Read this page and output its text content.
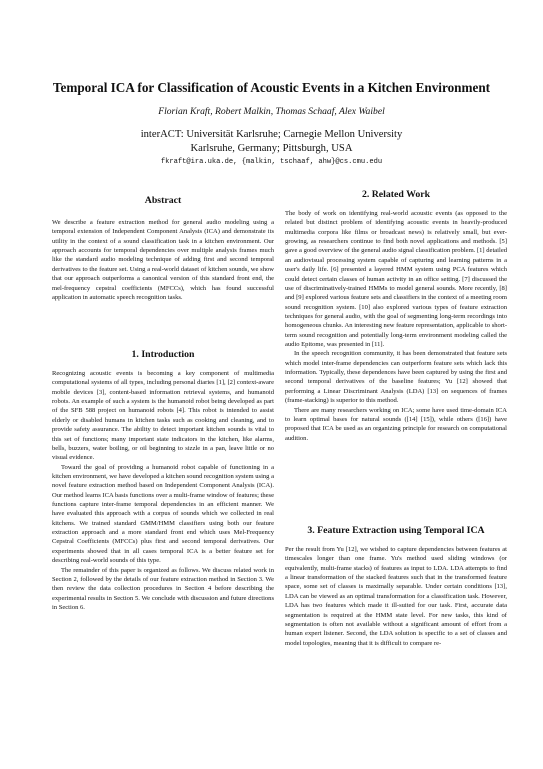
Temporal ICA for Classification of Acoustic Events in a Kitchen Environment
Florian Kraft, Robert Malkin, Thomas Schaaf, Alex Waibel
interACT: Universität Karlsruhe; Carnegie Mellon University
Karlsruhe, Germany; Pittsburgh, USA
fkraft@ira.uka.de, {malkin, tschaaf, ahw}@cs.cmu.edu
Abstract

We describe a feature extraction method for general audio modeling using a temporal extension of Independent Component Analysis (ICA) and demonstrate its utility in the context of a sound classification task in a kitchen environment. Our approach accounts for temporal dependencies over multiple analysis frames much like the standard audio modeling technique of adding first and second temporal derivatives to the feature set. Using a real-world dataset of kitchen sounds, we show that our approach outperforms a canonical version of this standard front end, the mel-frequency cepstral coefficients (MFCCs), which has found successful application in automatic speech recognition tasks.

1. Introduction

Recognizing acoustic events is becoming a key component of multimedia computational systems of all types, including personal diaries [1], [2] context-aware mobile devices [3], content-based information retrieval systems, and humanoid robots. An example of such a system is the humanoid robot being developed as part of the SFB 588 project on humanoid robots [4]. This robot is intended to assist elderly or disabled humans in kitchen tasks such as cooking and cleaning, and to provide safety assurance. The ability to detect important kitchen sounds is vital to this set of functions; many important state indicators in the kitchen, like alarms, bells, buzzers, water boiling, or oil beginning to sizzle in a pan, leave little or no visual evidence.

Toward the goal of providing a humanoid robot capable of functioning in a kitchen environment, we have developed a kitchen sound recognition system using a novel feature extraction method based on Independent Component Analysis (ICA). Our method learns ICA basis functions over a multi-frame window of features; these functions capture inter-frame temporal dependencies in an efficient manner. We have evaluated this approach with a corpus of sounds which we collected in real kitchens. We trained standard GMM/HMM classifiers using both our feature extraction approach and a more standard front end which uses Mel-Frequency Cepstral Coefficients (MFCCs) plus first and second temporal derivatives. Our experiments showed that in all cases temporal ICA is a better feature set for describing real-world sounds of this type.

The remainder of this paper is organized as follows. We discuss related work in Section 2, followed by the details of our feature extraction method in Section 3. We then review the data collection procedures in Section 4 before describing the experimental results in Section 5. We conclude with discussion and future directions in Section 6.

2. Related Work

The body of work on identifying real-world acoustic events (as opposed to the related but distinct problem of identifying acoustic events in heavily-produced multimedia corpora like films or broadcast news) is relatively small, but ever-growing, as researchers continue to find both novel applications and methods. [5] gave a good overview of the general audio signal classification problem. [1] detailed an audiovisual processing system capable of capturing and learning patterns in a user's daily life. [6] presented a layered HMM system using PCA features which could detect certain classes of human activity in an office setting. [7] discussed the use of discriminatively-trained HMMs to model general sounds. More recently, [8] and [9] explored various feature sets and classifiers in the context of a meeting room sound recognition system. [10] also explored various types of feature extraction techniques for general audio, with the goal of segmenting long-term recordings into homogeneous chunks. An interesting new feature representation, applicable to short-term sound recognition and potentially long-term environment modeling called the audio Epitome, was presented in [11].

In the speech recognition community, it has been demonstrated that feature sets which model inter-frame dependencies can outperform feature sets which lack this information. Typically, these dependences have been captured by using the first and second temporal derivatives of the baseline features; Yu [12] showed that performing a Linear Discriminant Analysis (LDA) [13] on sequences of frames (frame-stacking) is superior to this method.

There are many researchers working on ICA; some have used time-domain ICA to learn optimal bases for natural sounds ([14] [15]), while others ([16]) have proposed that ICA be used as an organizing principle for research on computational audition.

3. Feature Extraction using Temporal ICA

Per the result from Yu [12], we wished to capture dependencies between features at timescales longer than one frame. Yu's method used sliding windows (or equivalently, multi-frame stacks) of features as input to LDA. LDA attempts to find a linear transformation of the stacked features such that in the transformed feature space, some set of classes is maximally separable. Under certain conditions [13], LDA can be viewed as an optimal transformation for a classification task. However, LDA has two features which made it ill-suited for our task. First, accurate data segmentation is required at the HMM state level. For new tasks, this kind of segmentation is often not available without a significant amount of effort from a human expert listener. Second, the LDA solution is specific to a set of classes and model topologies, meaning that it is difficult to compare re-
